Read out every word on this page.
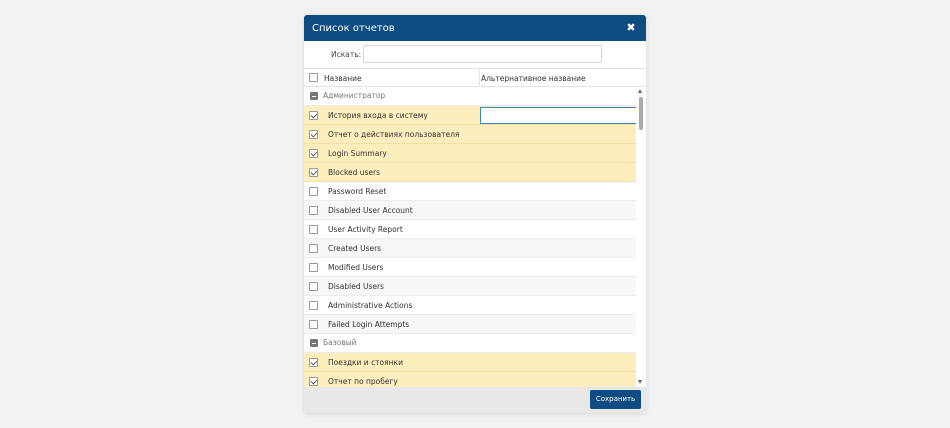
Список отчетов	✖
Искать:
Название	Альтернативное название
Администратор
История входа в систему
Отчет о действиях пользователя
Login Summary
Blocked users
Password Reset
Disabled User Account
User Activity Report
Created Users
Modified Users
Disabled Users
Administrative Actions
Failed Login Attempts
Базовый
Поездки и стоянки
Отчет по пробегу
Сохранить
